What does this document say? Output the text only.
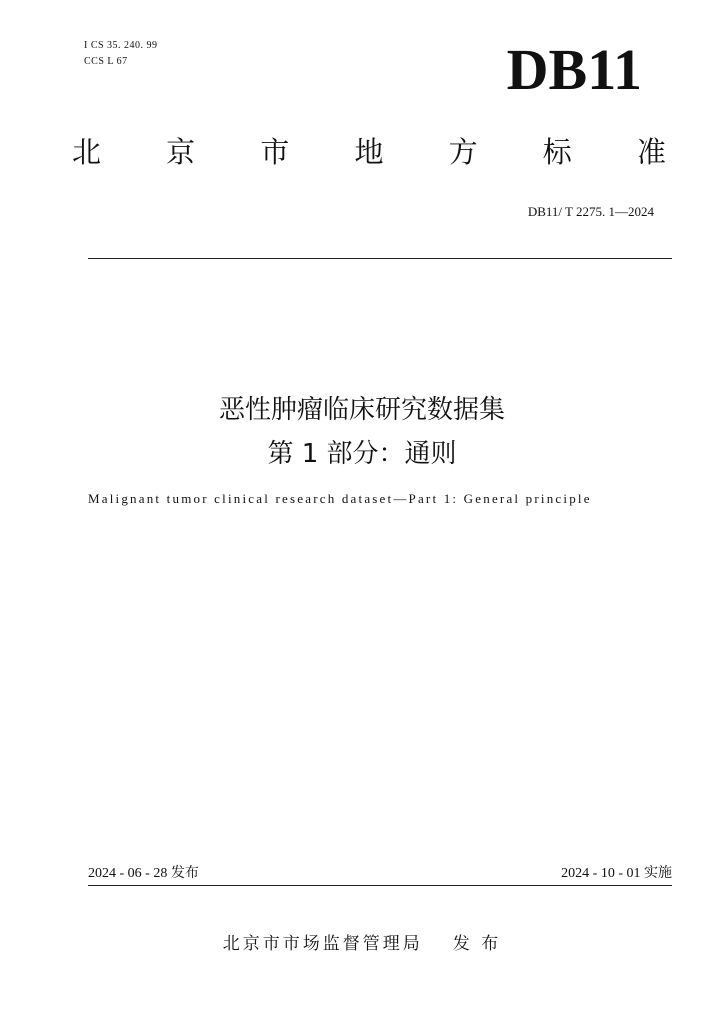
I CS 35. 240. 99
CCS L 67	DB11
北 京 市 地 方 标 准
DB11/ T 2275. 1—2024
恶性肿瘤临床研究数据集
第 1 部分：通则
Malignant tumor clinical research dataset—Part 1: General principle
2024 - 06 - 28 发布	2024 - 10 - 01 实施
北京市市场监督管理局 发 布
